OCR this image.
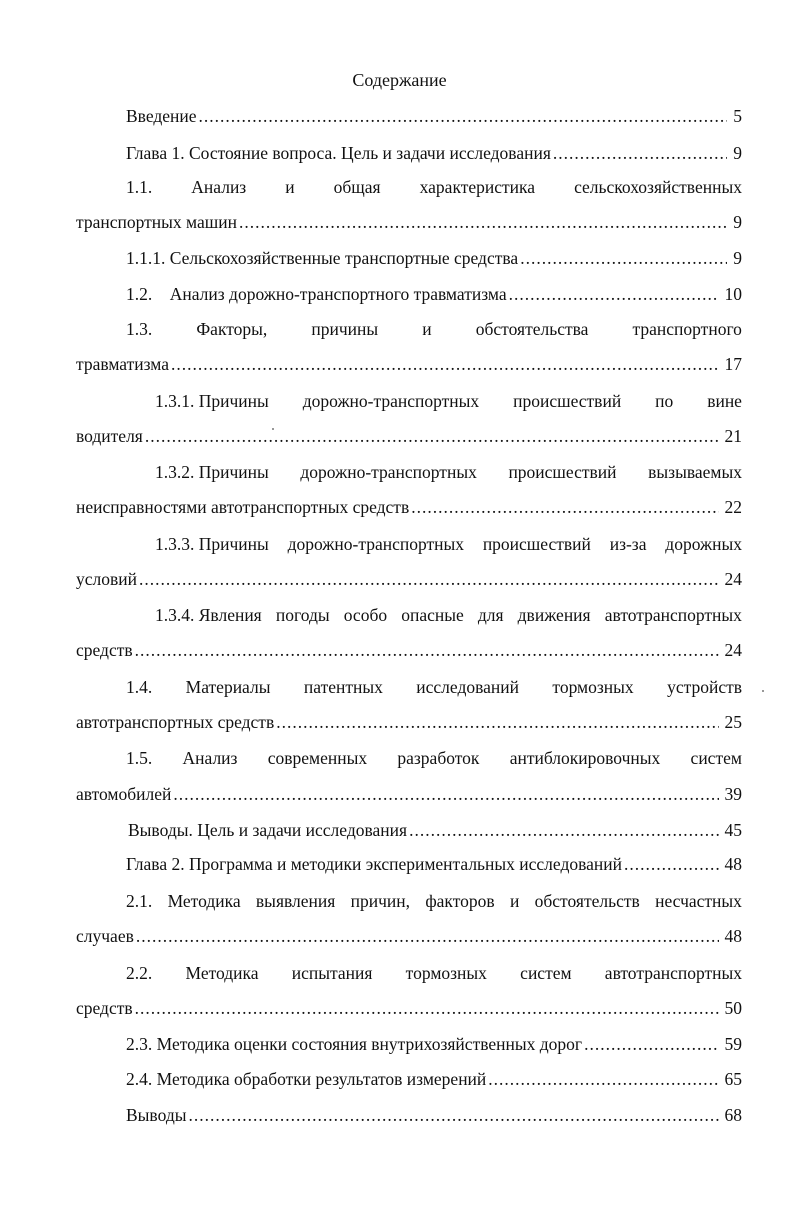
Содержание
Введение .....	5
Глава 1. Состояние вопроса. Цель и задачи исследования .....	9
1.1. Анализ и общая характеристика сельскохозяйственных
транспортных машин .....	9
1.1.1. Сельскохозяйственные транспортные средства .....	9
1.2.    Анализ дорожно-транспортного травматизма .....	10
1.3.	Факторы,	причины	и	обстоятельства	транспортного
травматизма .....	17
1.3.1. Причины дорожно-транспортных происшествий по вине
водителя .....	21
1.3.2. Причины дорожно-транспортных происшествий вызываемых
неисправностями автотранспортных средств .....	22
1.3.3. Причины дорожно-транспортных происшествий из-за дорожных
условий .....	24
1.3.4. Явления погоды особо опасные для движения автотранспортных
средств .....	24
1.4. Материалы патентных исследований тормозных устройств
автотранспортных средств .....	25
1.5. Анализ современных разработок антиблокировочных систем
автомобилей .....	39
Выводы. Цель и задачи исследования .....	45
Глава 2. Программа и методики экспериментальных исследований .....	48
2.1. Методика выявления причин, факторов и обстоятельств несчастных
случаев .....	48
2.2. Методика испытания тормозных систем автотранспортных
средств .....	50
2.3. Методика оценки состояния внутрихозяйственных дорог .....	59
2.4. Методика обработки результатов измерений .....	65
Выводы .....	68
